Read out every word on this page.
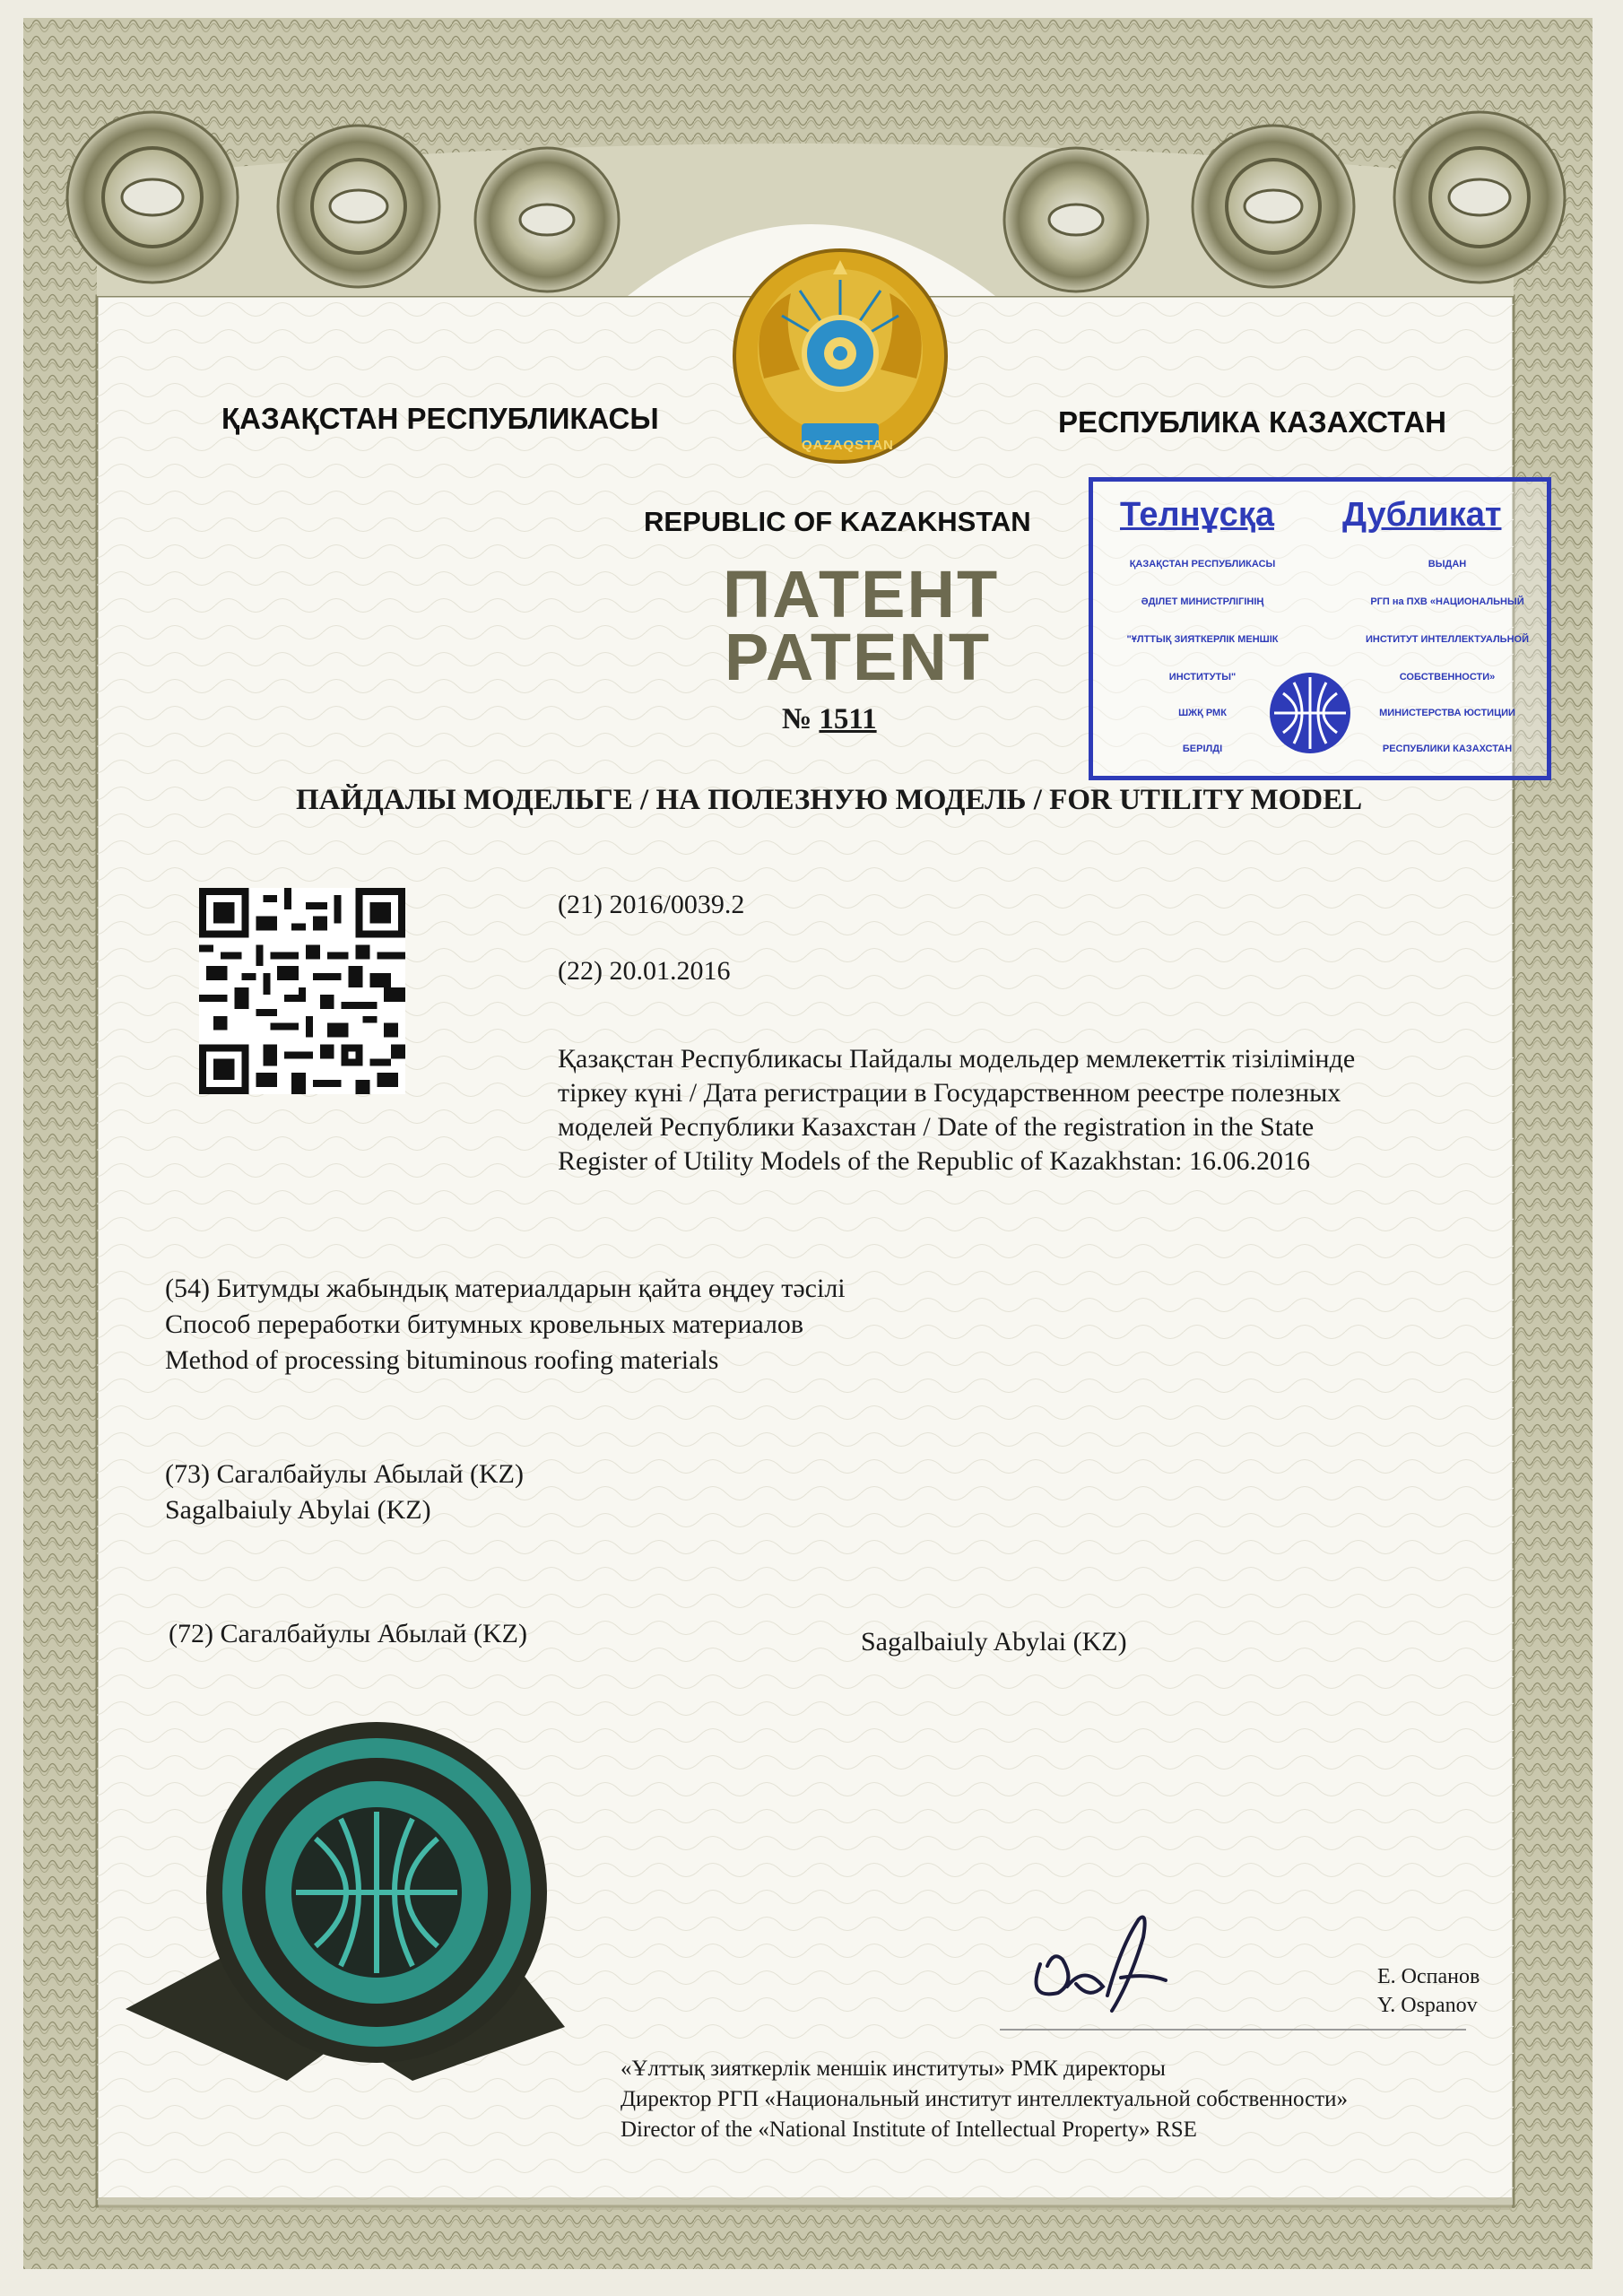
QAZAQSTAN
ҚАЗАҚСТАН РЕСПУБЛИКАСЫ	РЕСПУБЛИКА КАЗАХСТАН
REPUBLIC OF KAZAKHSTAN
ПАТЕНТ
PATENT
№ 1511
Телнұсқа Дубликат
ҚАЗАҚСТАН РЕСПУБЛИКАСЫ
ӘДІЛЕТ МИНИСТРЛІГІНІҢ
"ҰЛТТЫҚ ЗИЯТКЕРЛІК МЕНШІК
ИНСТИТУТЫ"
ШЖҚ РМК
БЕРІЛДІ
ВЫДАН
РГП на ПХВ «НАЦИОНАЛЬНЫЙ
ИНСТИТУТ ИНТЕЛЛЕКТУАЛЬНОЙ
СОБСТВЕННОСТИ»
МИНИСТЕРСТВА ЮСТИЦИИ
РЕСПУБЛИКИ КАЗАХСТАН
ПАЙДАЛЫ МОДЕЛЬГЕ / НА ПОЛЕЗНУЮ МОДЕЛЬ / FOR UTILITY MODEL
(21) 2016/0039.2
(22) 20.01.2016
Қазақстан Республикасы Пайдалы модельдер мемлекеттік тізілімінде
тіркеу күні / Дата регистрации в Государственном реестре полезных
моделей Республики Казахстан / Date of the registration in the State
Register of Utility Models of the Republic of Kazakhstan: 16.06.2016
(54) Битумды жабындық материалдарын қайта өңдеу тәсілі
Способ переработки битумных кровельных материалов
Method of processing bituminous roofing materials
(73) Сагалбайулы Абылай (KZ)
Sagalbaiuly Abylai (KZ)
(72) Сагалбайулы Абылай (KZ)	Sagalbaiuly Abylai (KZ)
Е. Оспанов
Y. Ospanov
«Ұлттық зияткерлік меншік институты» РМК директоры
Директор РГП «Национальный институт интеллектуальной собственности»
Director of the «National Institute of Intellectual Property» RSE
